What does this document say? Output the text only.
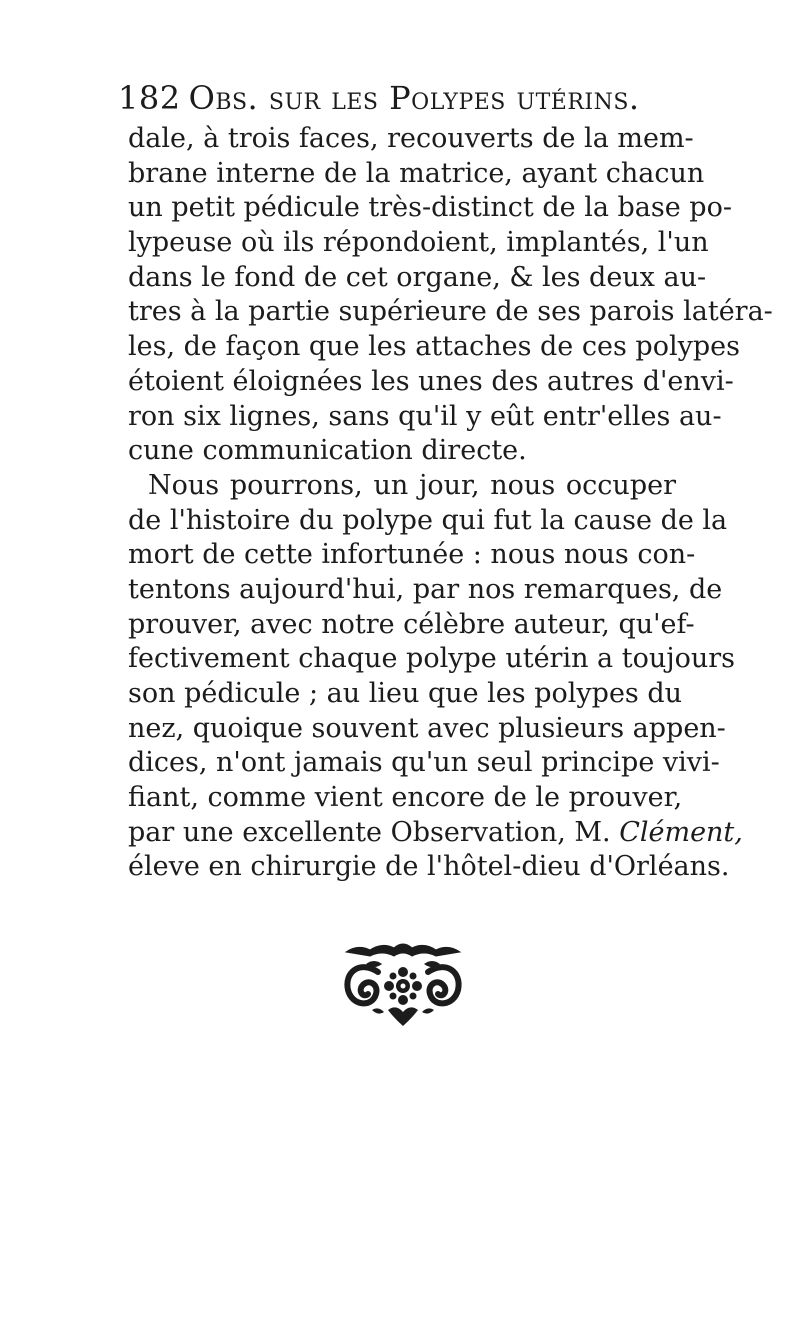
182 Obs. sur les Polypes utérins.
dale, à trois faces, recouverts de la mem-
brane interne de la matrice, ayant chacun
un petit pédicule très-distinct de la base po-
lypeuse où ils répondoient, implantés, l'un
dans le fond de cet organe, & les deux au-
tres à la partie supérieure de ses parois latéra-
les, de façon que les attaches de ces polypes
étoient éloignées les unes des autres d'envi-
ron six lignes, sans qu'il y eût entr'elles au-
cune communication directe.
Nous pourrons, un jour, nous occuper
de l'histoire du polype qui fut la cause de la
mort de cette infortunée : nous nous con-
tentons aujourd'hui, par nos remarques, de
prouver, avec notre célèbre auteur, qu'ef-
fectivement chaque polype utérin a toujours
son pédicule ; au lieu que les polypes du
nez, quoique souvent avec plusieurs appen-
dices, n'ont jamais qu'un seul principe vivi-
fiant, comme vient encore de le prouver,
par une excellente Observation, M. Clément,
éleve en chirurgie de l'hôtel-dieu d'Orléans.
